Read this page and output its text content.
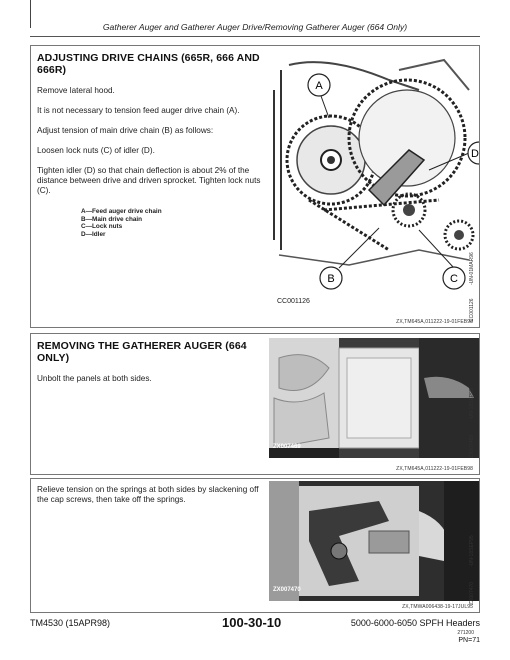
Gatherer Auger and Gatherer Auger Drive/Removing Gatherer Auger (664 Only)
ADJUSTING DRIVE CHAINS (665R, 666 AND 666R)

Remove lateral hood.

It is not necessary to tension feed auger drive chain (A).

Adjust tension of main drive chain (B) as follows:

Loosen lock nuts (C) of idler (D).

Tighten idler (D) so that chain deflection is about 2% of the distance between drive and driven sprocket. Tighten lock nuts (C).

A—Feed auger drive chain
B—Main drive chain
C—Lock nuts
D—Idler
A
B	C
D
CC001126	CC001126
-UN-01MAR96
ZX,TM645A,011222-19-01FEB98
REMOVING THE GATHERER AUGER (664 ONLY)

Unbolt the panels at both sides.

ZX007469	ZX007469
-UN-18SEP95
ZX,TM645A,011222-19-01FEB98

Relieve tension on the springs at both sides by slackening off the cap screws, then take off the springs.

ZX007470	ZX007470
-UN-18SEP95
ZX,TMWA006438-19-17JUL95
TM4530 (15APR98)	100-30-10	5000-6000-6050 SPFH Headers
271200
PN=71
